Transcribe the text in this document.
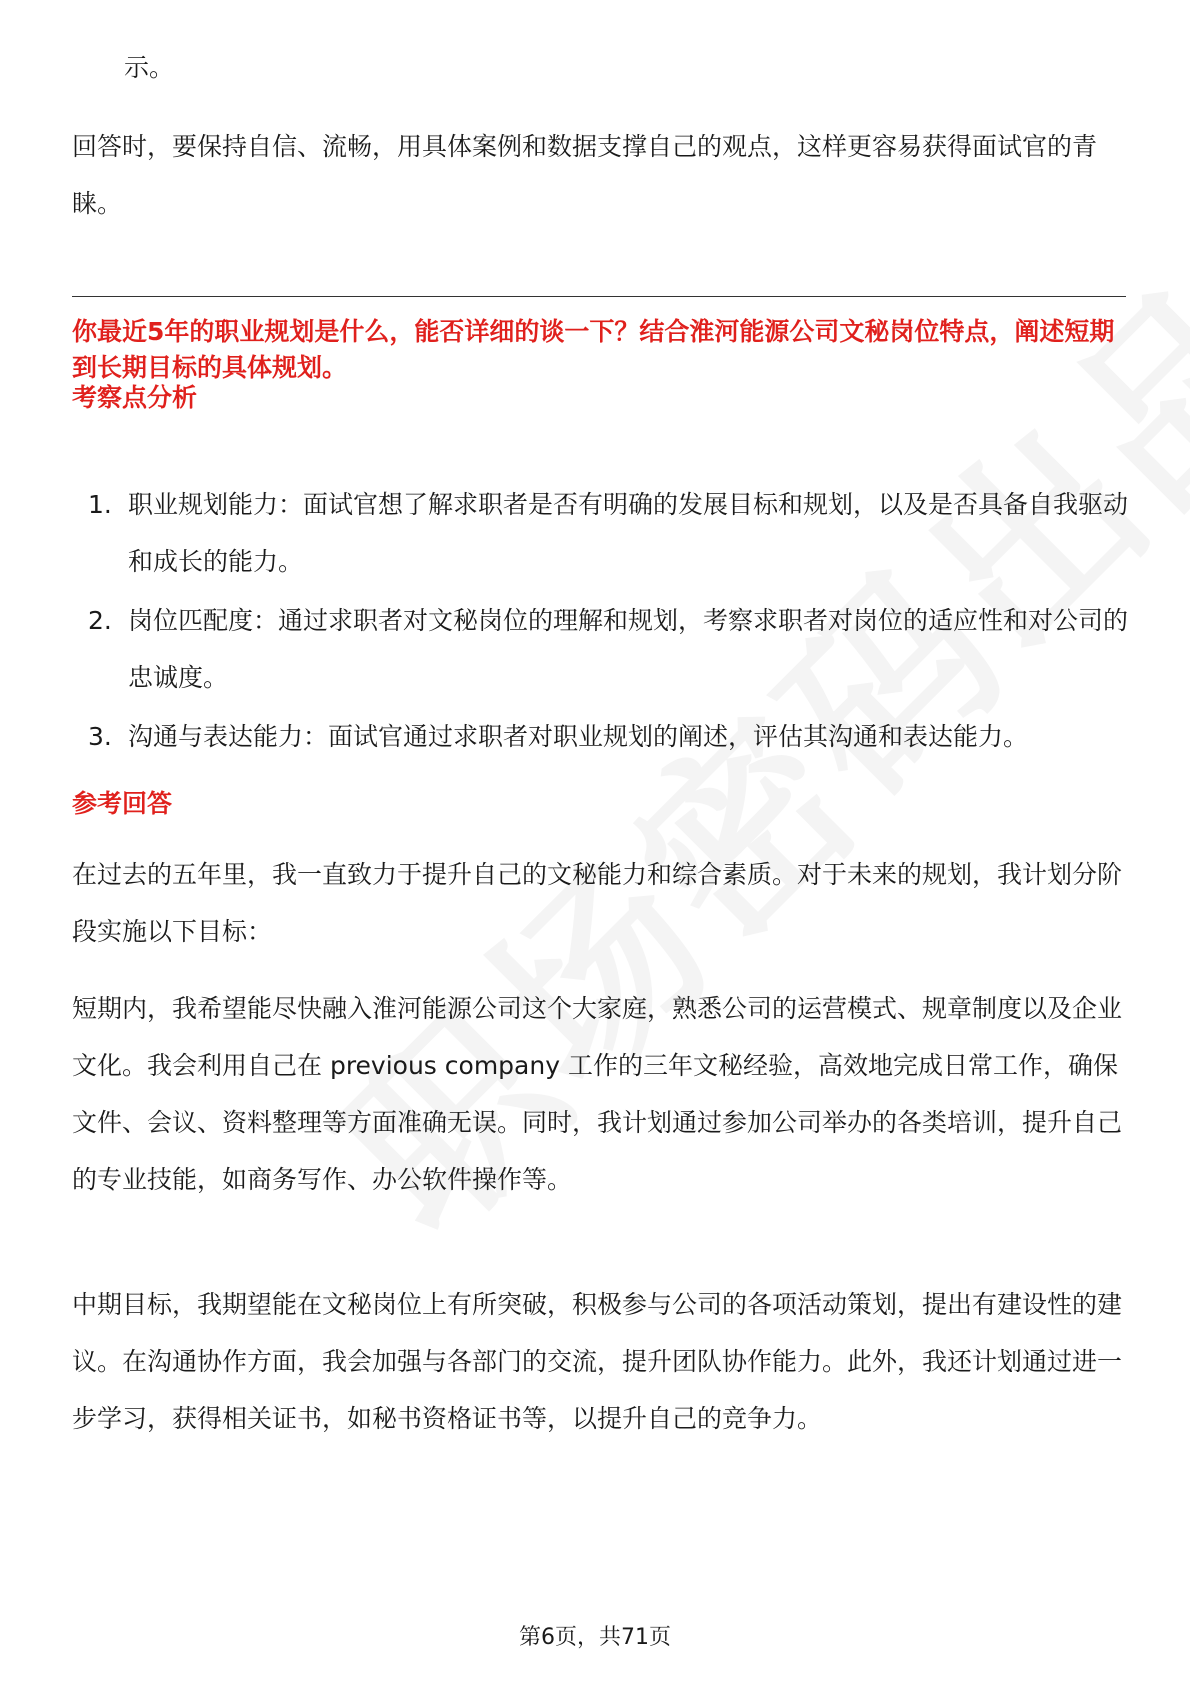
示。

回答时，要保持自信、流畅，用具体案例和数据支撑自己的观点，这样更容易获得面试官的青睐。

你最近5年的职业规划是什么，能否详细的谈一下？结合淮河能源公司文秘岗位特点，阐述短期到长期目标的具体规划。

考察点分析
1. 职业规划能力：面试官想了解求职者是否有明确的发展目标和规划，以及是否具备自我驱动和成长的能力。
2. 岗位匹配度：通过求职者对文秘岗位的理解和规划，考察求职者对岗位的适应性和对公司的忠诚度。
3. 沟通与表达能力：面试官通过求职者对职业规划的阐述，评估其沟通和表达能力。
参考回答

在过去的五年里，我一直致力于提升自己的文秘能力和综合素质。对于未来的规划，我计划分阶段实施以下目标：

短期内，我希望能尽快融入淮河能源公司这个大家庭，熟悉公司的运营模式、规章制度以及企业文化。我会利用自己在 previous company 工作的三年文秘经验，高效地完成日常工作，确保文件、会议、资料整理等方面准确无误。同时，我计划通过参加公司举办的各类培训，提升自己的专业技能，如商务写作、办公软件操作等。

中期目标，我期望能在文秘岗位上有所突破，积极参与公司的各项活动策划，提出有建设性的建议。在沟通协作方面，我会加强与各部门的交流，提升团队协作能力。此外，我还计划通过进一步学习，获得相关证书，如秘书资格证书等，以提升自己的竞争力。

第6页，共71页
